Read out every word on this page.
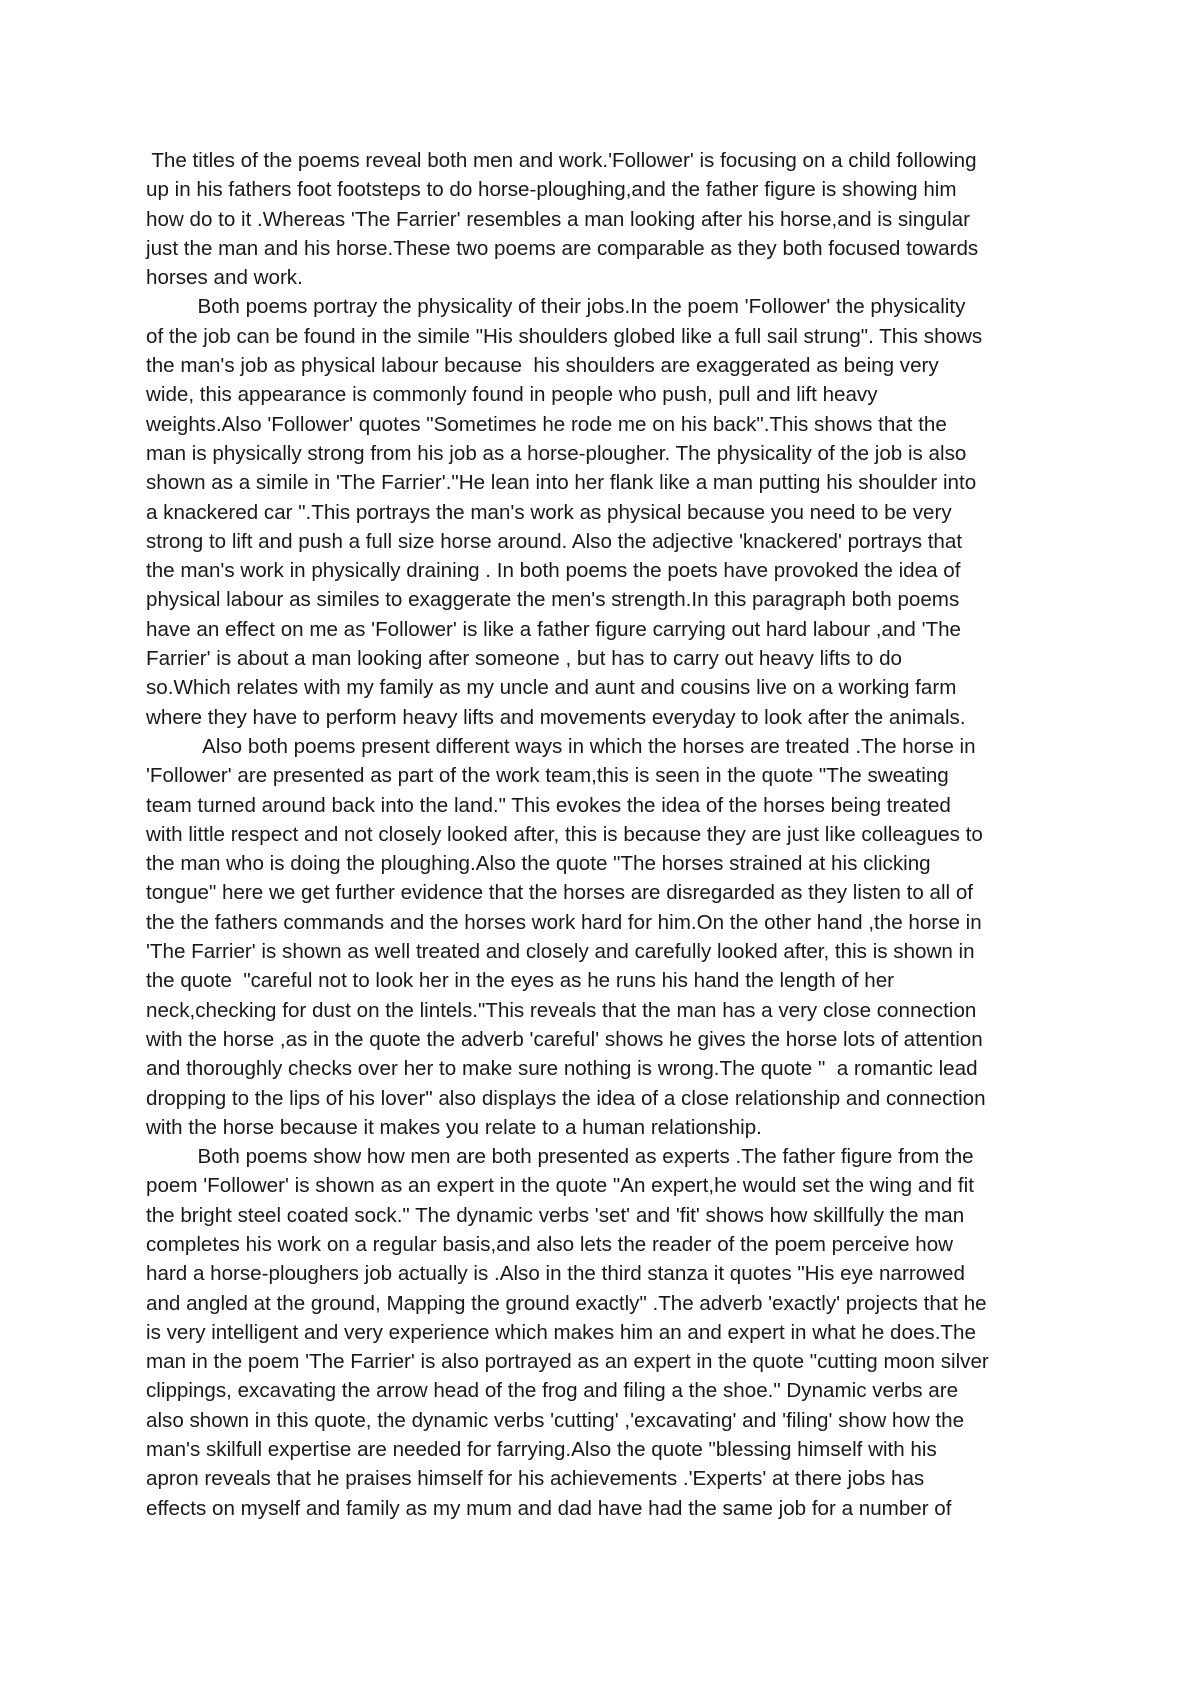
The titles of the poems reveal both men and work.'Follower' is focusing on a child following
up in his fathers foot footsteps to do horse-ploughing,and the father figure is showing him
how do to it .Whereas 'The Farrier' resembles a man looking after his horse,and is singular
just the man and his horse.These two poems are comparable as they both focused towards
horses and work.
Both poems portray the physicality of their jobs.In the poem 'Follower' the physicality
of the job can be found in the simile "His shoulders globed like a full sail strung". This shows
the man's job as physical labour because  his shoulders are exaggerated as being very
wide, this appearance is commonly found in people who push, pull and lift heavy
weights.Also 'Follower' quotes "Sometimes he rode me on his back".This shows that the
man is physically strong from his job as a horse-plougher. The physicality of the job is also
shown as a simile in 'The Farrier'."He lean into her flank like a man putting his shoulder into
a knackered car ".This portrays the man's work as physical because you need to be very
strong to lift and push a full size horse around. Also the adjective 'knackered' portrays that
the man's work in physically draining . In both poems the poets have provoked the idea of
physical labour as similes to exaggerate the men's strength.In this paragraph both poems
have an effect on me as 'Follower' is like a father figure carrying out hard labour ,and 'The
Farrier' is about a man looking after someone , but has to carry out heavy lifts to do
so.Which relates with my family as my uncle and aunt and cousins live on a working farm
where they have to perform heavy lifts and movements everyday to look after the animals.
Also both poems present different ways in which the horses are treated .The horse in
'Follower' are presented as part of the work team,this is seen in the quote "The sweating
team turned around back into the land." This evokes the idea of the horses being treated
with little respect and not closely looked after, this is because they are just like colleagues to
the man who is doing the ploughing.Also the quote "The horses strained at his clicking
tongue" here we get further evidence that the horses are disregarded as they listen to all of
the the fathers commands and the horses work hard for him.On the other hand ,the horse in
'The Farrier' is shown as well treated and closely and carefully looked after, this is shown in
the quote  "careful not to look her in the eyes as he runs his hand the length of her
neck,checking for dust on the lintels."This reveals that the man has a very close connection
with the horse ,as in the quote the adverb 'careful' shows he gives the horse lots of attention
and thoroughly checks over her to make sure nothing is wrong.The quote "  a romantic lead
dropping to the lips of his lover" also displays the idea of a close relationship and connection
with the horse because it makes you relate to a human relationship.
Both poems show how men are both presented as experts .The father figure from the
poem 'Follower' is shown as an expert in the quote "An expert,he would set the wing and fit
the bright steel coated sock." The dynamic verbs 'set' and 'fit' shows how skillfully the man
completes his work on a regular basis,and also lets the reader of the poem perceive how
hard a horse-ploughers job actually is .Also in the third stanza it quotes "His eye narrowed
and angled at the ground, Mapping the ground exactly" .The adverb 'exactly' projects that he
is very intelligent and very experience which makes him an and expert in what he does.The
man in the poem 'The Farrier' is also portrayed as an expert in the quote "cutting moon silver
clippings, excavating the arrow head of the frog and filing a the shoe." Dynamic verbs are
also shown in this quote, the dynamic verbs 'cutting' ,'excavating' and 'filing' show how the
man's skilfull expertise are needed for farrying.Also the quote "blessing himself with his
apron reveals that he praises himself for his achievements .'Experts' at there jobs has
effects on myself and family as my mum and dad have had the same job for a number of
